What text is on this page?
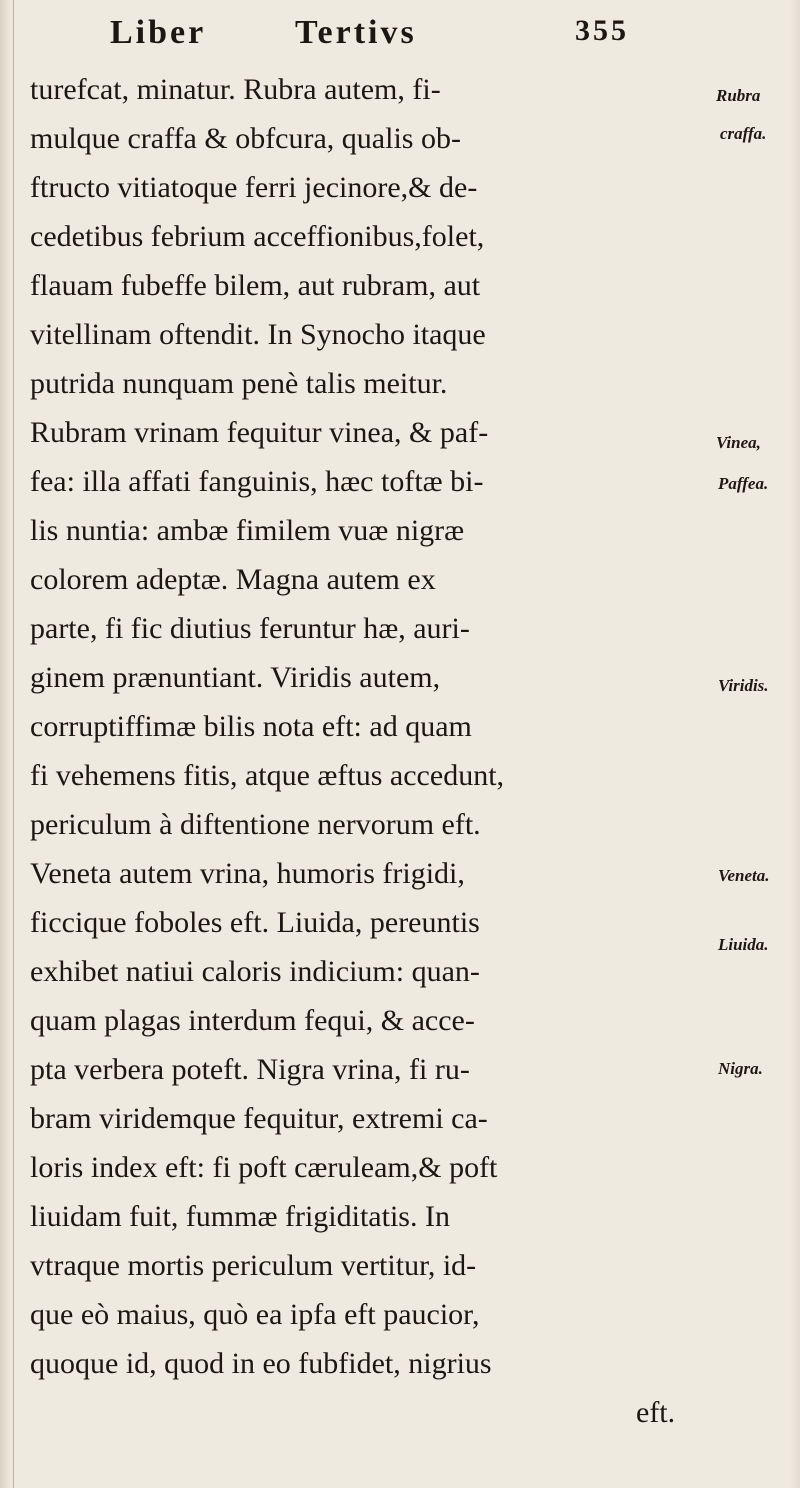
Liber	Tertivs	355
turefcat, minatur. Rubra autem, fi-
mulque craffa & obfcura, qualis ob-
ftructo vitiatoque ferri jecinore,& de-
cedetibus febrium acceffionibus,folet,
flauam fubeffe bilem, aut rubram, aut
vitellinam oftendit. In Synocho itaque
putrida nunquam penè talis meitur.
Rubram vrinam fequitur vinea, & paf-
fea: illa affati fanguinis, hæc toftæ bi-
lis nuntia: ambæ fimilem vuæ nigræ
colorem adeptæ. Magna autem ex
parte, fi fic diutius feruntur hæ, auri-
ginem prænuntiant. Viridis autem,
corruptiffimæ bilis nota eft: ad quam
fi vehemens fitis, atque æftus accedunt,
periculum à diftentione nervorum eft.
Veneta autem vrina, humoris frigidi,
ficcique foboles eft. Liuida, pereuntis
exhibet natiui caloris indicium: quan-
quam plagas interdum fequi, & acce-
pta verbera poteft. Nigra vrina, fi ru-
bram viridemque fequitur, extremi ca-
loris index eft: fi poft cæruleam,& poft
liuidam fuit, fummæ frigiditatis. In
vtraque mortis periculum vertitur, id-
que eò maius, quò ea ipfa eft paucior,
quoque id, quod in eo fubfidet, nigrius
eft.
Rubra
craffa.
Vinea,
Paffea.
Viridis.
Veneta.
Liuida.
Nigra.
